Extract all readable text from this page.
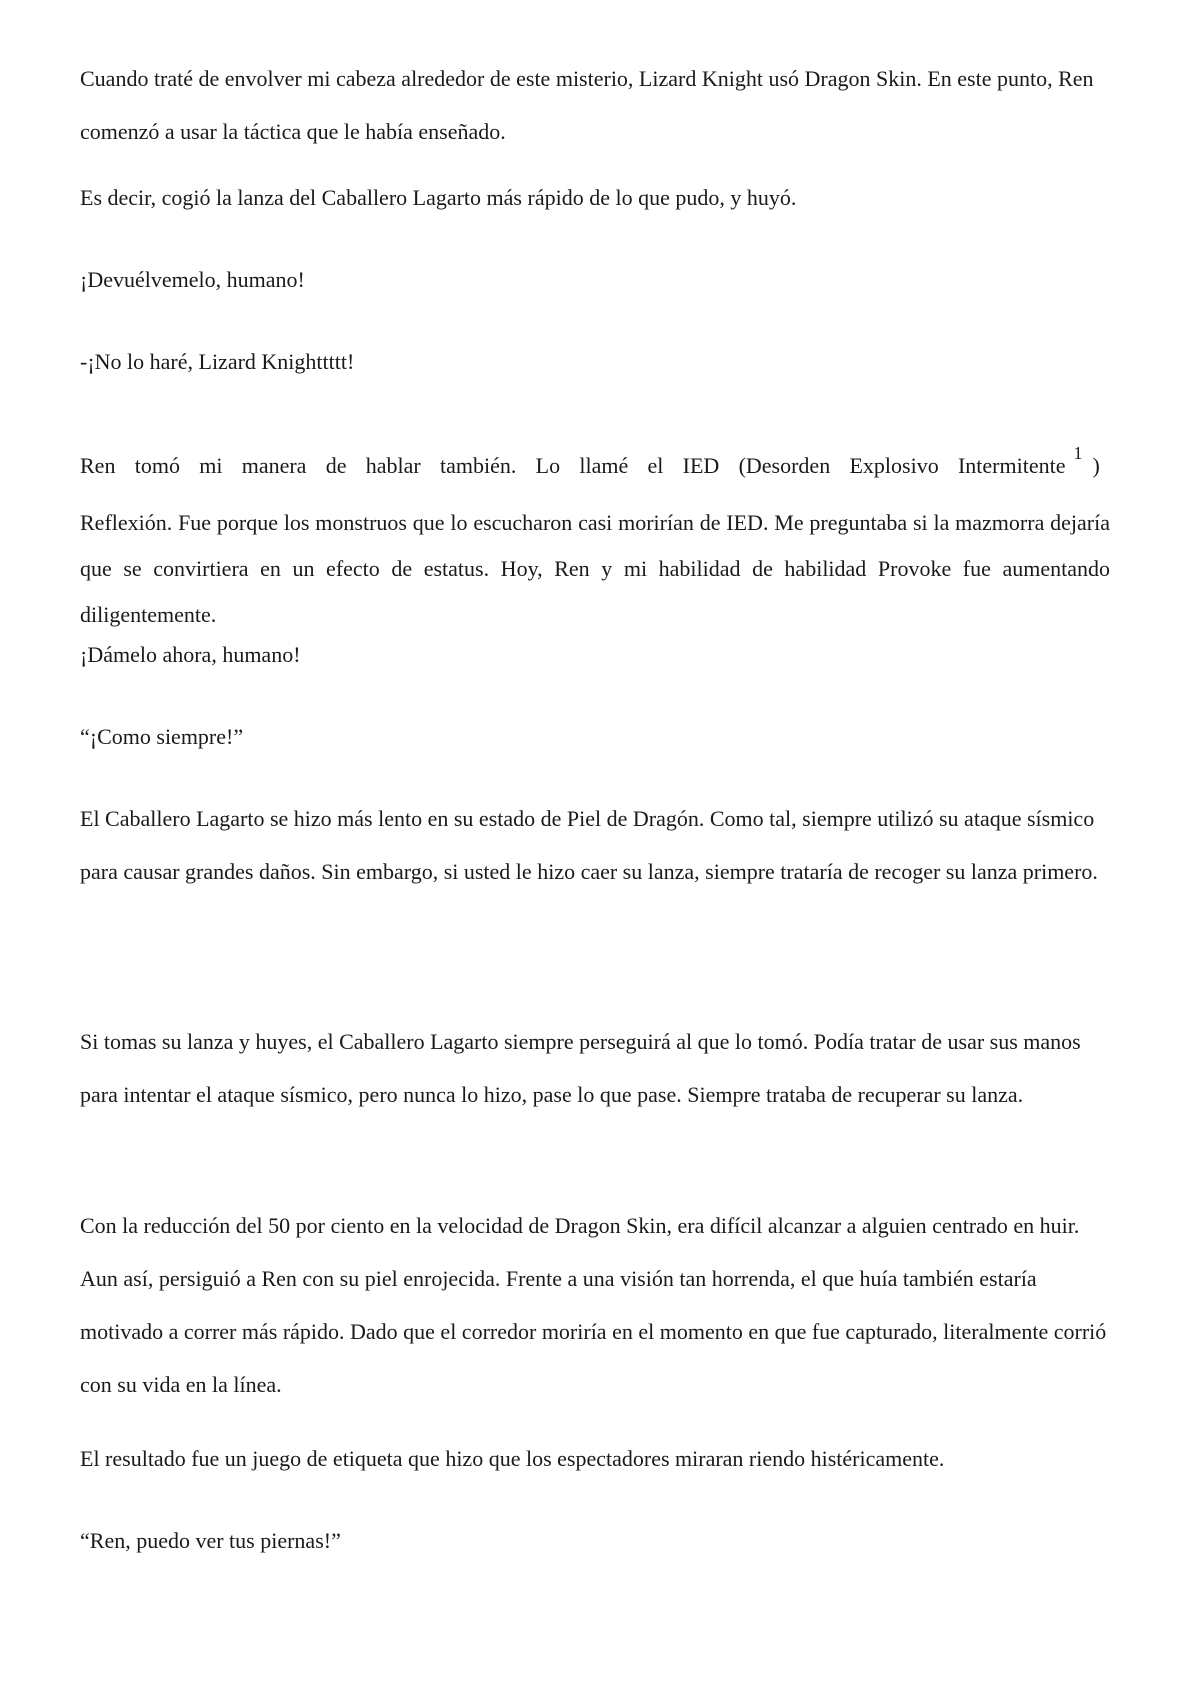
Cuando traté de envolver mi cabeza alrededor de este misterio, Lizard Knight usó Dragon Skin. En este punto, Ren comenzó a usar la táctica que le había enseñado.

Es decir, cogió la lanza del Caballero Lagarto más rápido de lo que pudo, y huyó.

¡Devuélvemelo, humano!

-¡No lo haré, Lizard Knighttttt!

Ren tomó mi manera de hablar también. Lo llamé el IED (Desorden Explosivo Intermitente $^1$ )

Reflexión. Fue porque los monstruos que lo escucharon casi morirían de IED. Me preguntaba si la mazmorra dejaría que se convirtiera en un efecto de estatus. Hoy, Ren y mi habilidad de habilidad Provoke fue aumentando diligentemente.

¡Dámelo ahora, humano!

“¡Como siempre!”

El Caballero Lagarto se hizo más lento en su estado de Piel de Dragón. Como tal, siempre utilizó su ataque sísmico para causar grandes daños. Sin embargo, si usted le hizo caer su lanza, siempre trataría de recoger su lanza primero.

Si tomas su lanza y huyes, el Caballero Lagarto siempre perseguirá al que lo tomó. Podía tratar de usar sus manos para intentar el ataque sísmico, pero nunca lo hizo, pase lo que pase. Siempre trataba de recuperar su lanza.

Con la reducción del 50 por ciento en la velocidad de Dragon Skin, era difícil alcanzar a alguien centrado en huir. Aun así, persiguió a Ren con su piel enrojecida. Frente a una visión tan horrenda, el que huía también estaría motivado a correr más rápido. Dado que el corredor moriría en el momento en que fue capturado, literalmente corrió con su vida en la línea.

El resultado fue un juego de etiqueta que hizo que los espectadores miraran riendo histéricamente.

“Ren, puedo ver tus piernas!”
